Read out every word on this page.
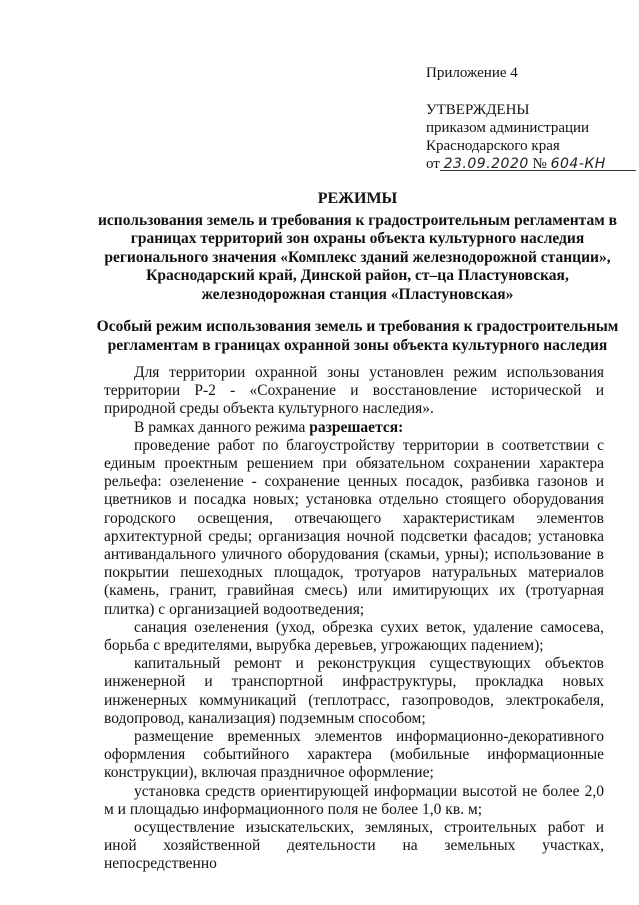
Приложение 4
УТВЕРЖДЕНЫ
приказом администрации
Краснодарского края
от 23.09.2020 № 604-КН
РЕЖИМЫ
использования земель и требования к градостроительным регламентам в границах территорий зон охраны объекта культурного наследия регионального значения «Комплекс зданий железнодорожной станции», Краснодарский край, Динской район, ст–ца Пластуновская, железнодорожная станция «Пластуновская»
Особый режим использования земель и требования к градостроительным регламентам в границах охранной зоны объекта культурного наследия

Для территории охранной зоны установлен режим использования территории Р-2 - «Сохранение и восстановление исторической и природной среды объекта культурного наследия».

В рамках данного режима разрешается:

проведение работ по благоустройству территории в соответствии с единым проектным решением при обязательном сохранении характера рельефа: озеленение - сохранение ценных посадок, разбивка газонов и цветников и посадка новых; установка отдельно стоящего оборудования городского освещения, отвечающего характеристикам элементов архитектурной среды; организация ночной подсветки фасадов; установка антивандального уличного оборудования (скамьи, урны); использование в покрытии пешеходных площадок, тротуаров натуральных материалов (камень, гранит, гравийная смесь) или имитирующих их (тротуарная плитка) с организацией водоотведения;

санация озеленения (уход, обрезка сухих веток, удаление самосева, борьба с вредителями, вырубка деревьев, угрожающих падением);

капитальный ремонт и реконструкция существующих объектов инженерной и транспортной инфраструктуры, прокладка новых инженерных коммуникаций (теплотрасс, газопроводов, электрокабеля, водопровод, канализация) подземным способом;

размещение временных элементов информационно-декоративного оформления событийного характера (мобильные информационные конструкции), включая праздничное оформление;

установка средств ориентирующей информации высотой не более 2,0 м и площадью информационного поля не более 1,0 кв. м;

осуществление изыскательских, земляных, строительных работ и иной хозяйственной деятельности на земельных участках, непосредственно
